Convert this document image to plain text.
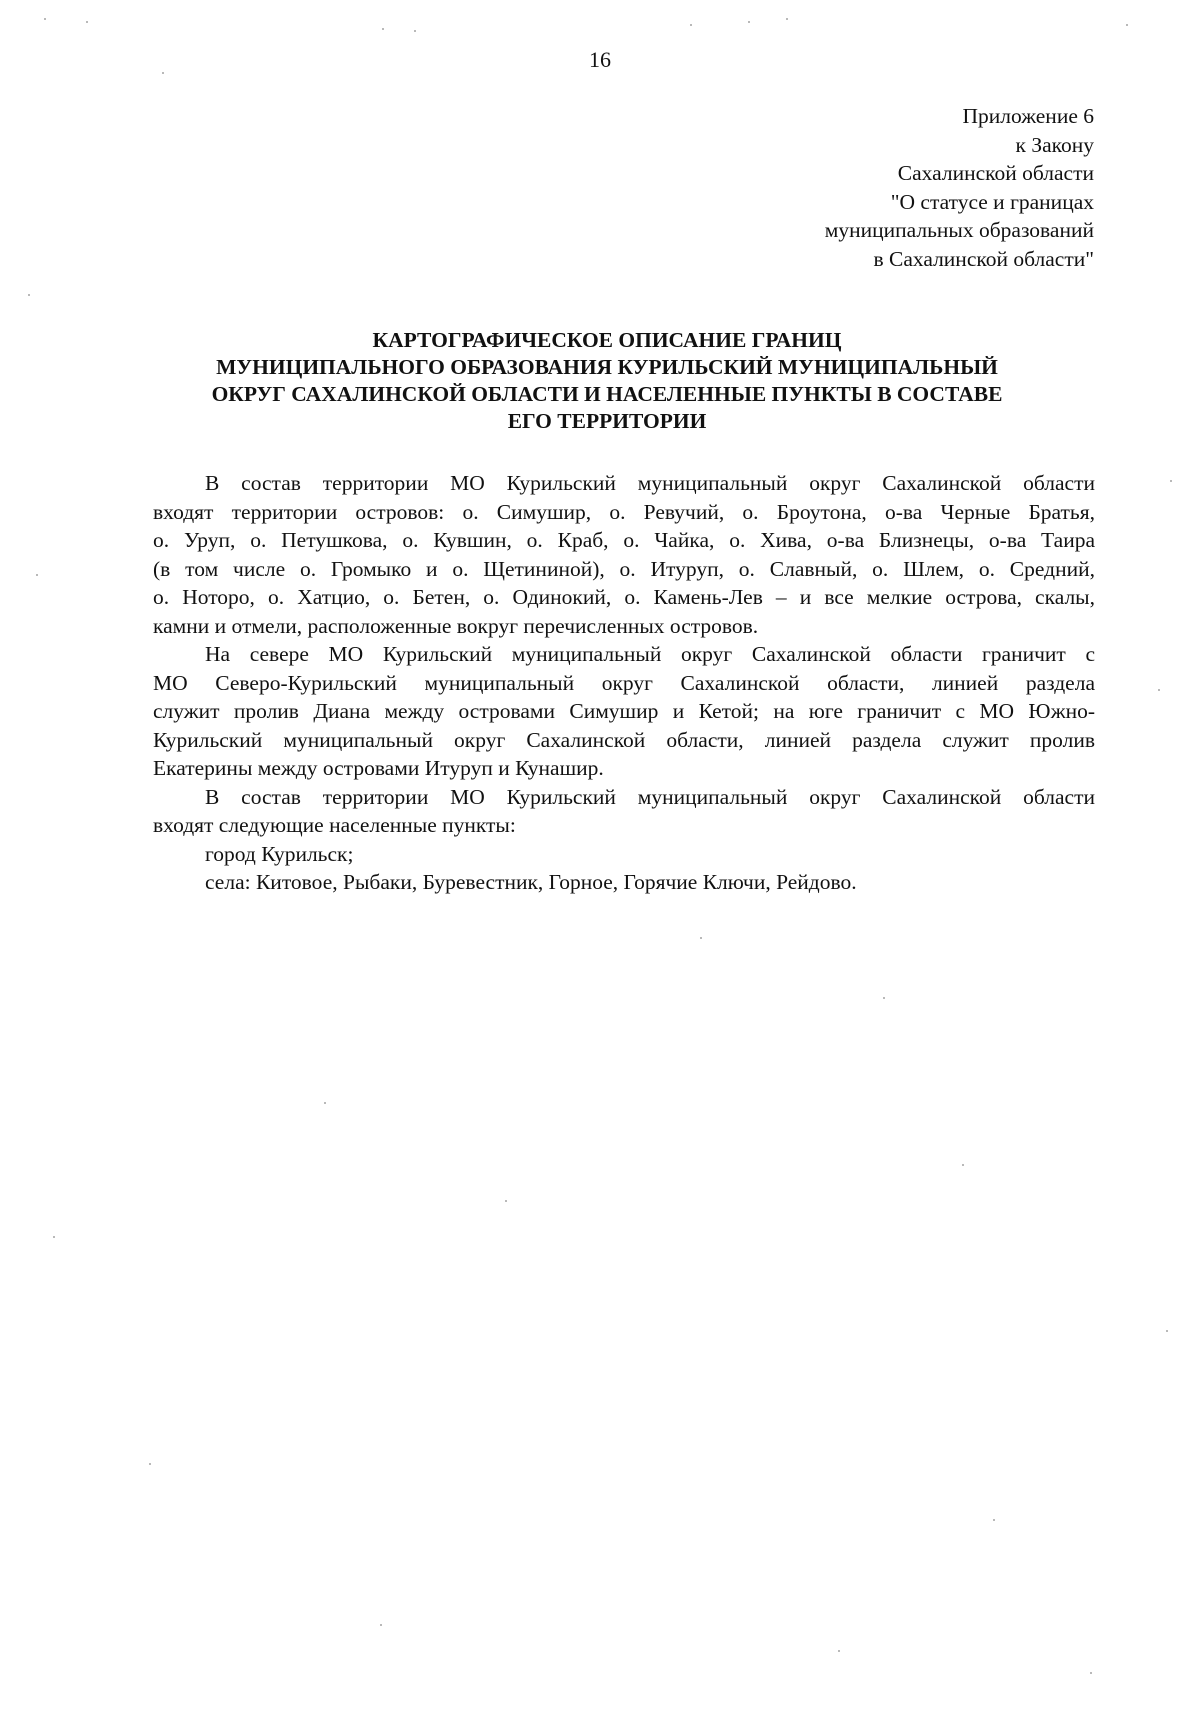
16
Приложение 6
к Закону
Сахалинской области
"О статусе и границах
муниципальных образований
в Сахалинской области"
КАРТОГРАФИЧЕСКОЕ ОПИСАНИЕ ГРАНИЦ
МУНИЦИПАЛЬНОГО ОБРАЗОВАНИЯ КУРИЛЬСКИЙ МУНИЦИПАЛЬНЫЙ
ОКРУГ САХАЛИНСКОЙ ОБЛАСТИ И НАСЕЛЕННЫЕ ПУНКТЫ В СОСТАВЕ
ЕГО ТЕРРИТОРИИ

В состав территории МО Курильский муниципальный округ Сахалинской области
входят территории островов: о. Симушир, о. Ревучий, о. Броутона, о-ва Черные Братья,
о. Уруп, о. Петушкова, о. Кувшин, о. Краб, о. Чайка, о. Хива, о-ва Близнецы, о-ва Таира
(в том числе о. Громыко и о. Щетининой), о. Итуруп, о. Славный, о. Шлем, о. Средний,
о. Ноторо, о. Хатцио, о. Бетен, о. Одинокий, о. Камень-Лев – и все мелкие острова, скалы,
камни и отмели, расположенные вокруг перечисленных островов.

На севере МО Курильский муниципальный округ Сахалинской области граничит с
МО Северо-Курильский муниципальный округ Сахалинской области, линией раздела
служит пролив Диана между островами Симушир и Кетой; на юге граничит с МО Южно-
Курильский муниципальный округ Сахалинской области, линией раздела служит пролив
Екатерины между островами Итуруп и Кунашир.

В состав территории МО Курильский муниципальный округ Сахалинской области
входят следующие населенные пункты:

город Курильск;

села: Китовое, Рыбаки, Буревестник, Горное, Горячие Ключи, Рейдово.
